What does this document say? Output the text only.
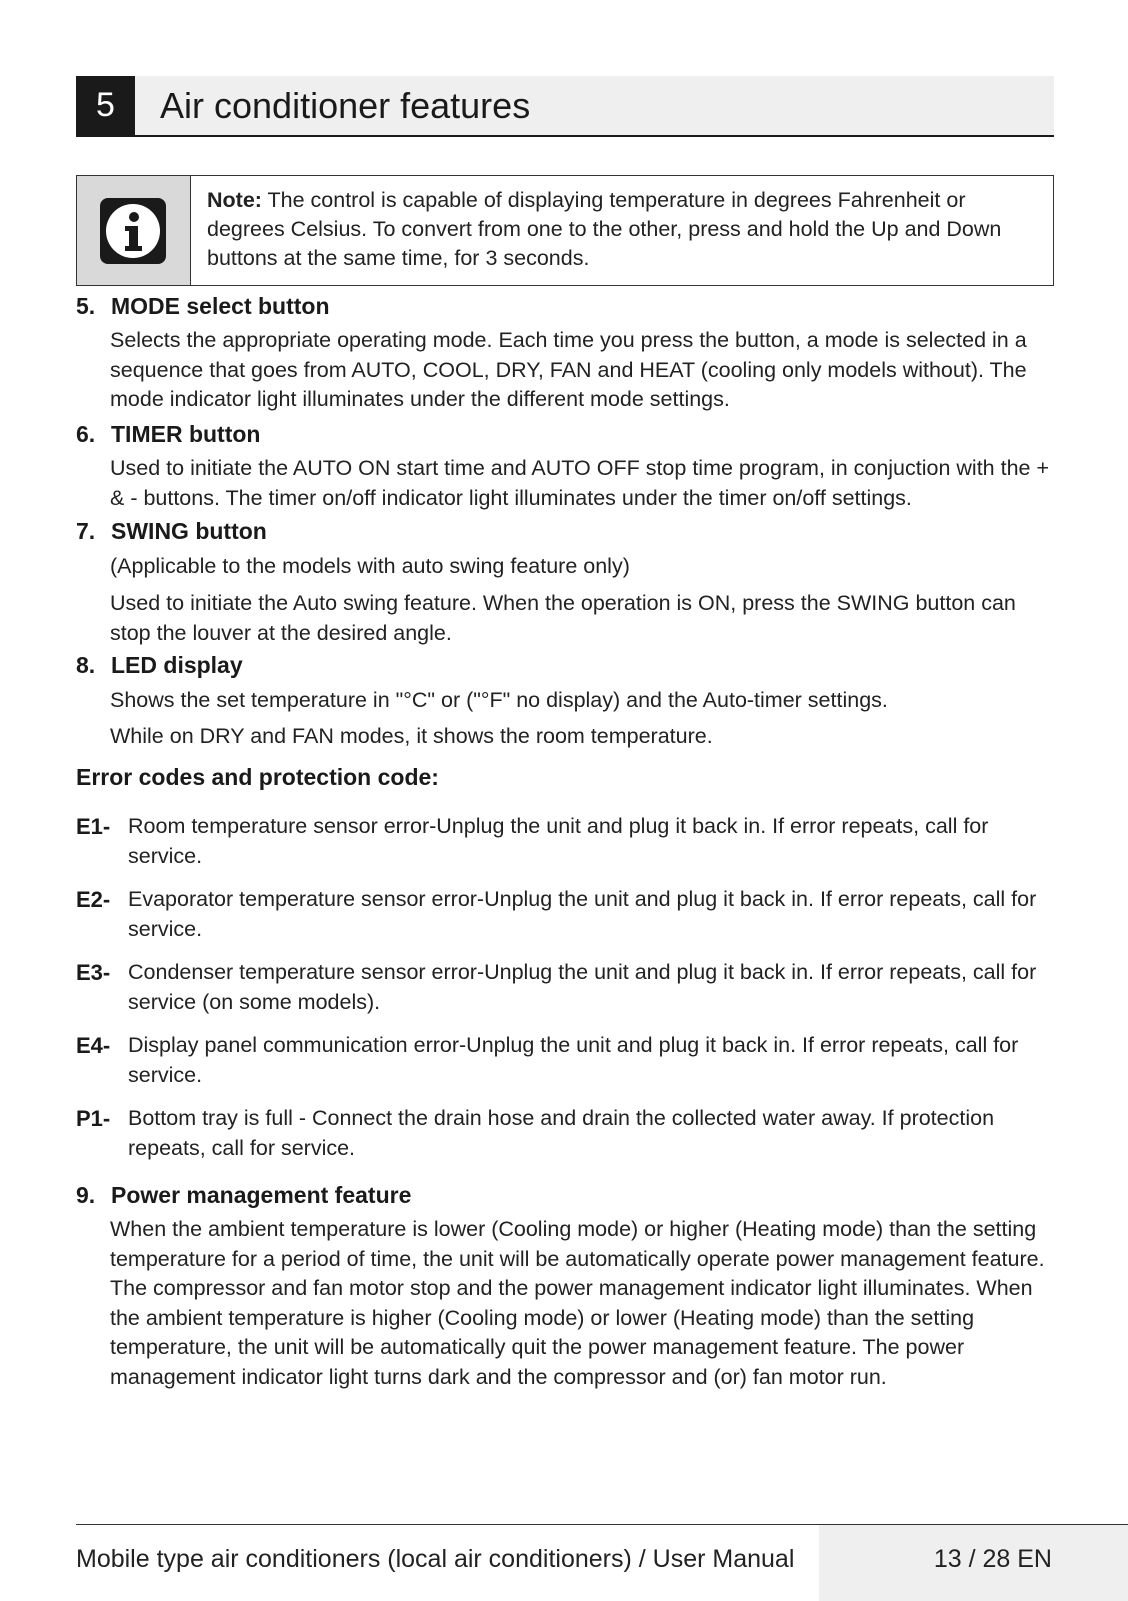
5	Air conditioner features
Note: The control is capable of displaying temperature in degrees Fahrenheit or degrees Celsius. To convert from one to the other, press and hold the Up and Down buttons at the same time, for 3 seconds.
5. MODE select button
Selects the appropriate operating mode. Each time you press the button, a mode is selected in a sequence that goes from AUTO, COOL, DRY, FAN and HEAT (cooling only models without). The mode indicator light illuminates under the different mode settings.
6. TIMER button
Used to initiate the AUTO ON start time and AUTO OFF stop time program, in conjuction with the + & - buttons. The timer on/off indicator light illuminates under the timer on/off settings.
7. SWING button
(Applicable to the models with auto swing feature only)
Used to initiate the Auto swing feature. When the operation is ON, press the SWING button can stop the louver at the desired angle.
8. LED display
Shows the set temperature in "°C" or ("°F" no display) and the Auto-timer settings.
While on DRY and FAN modes, it shows the room temperature.
Error codes and protection code:
E1- Room temperature sensor error-Unplug the unit and plug it back in. If error repeats, call for service.
E2- Evaporator temperature sensor error-Unplug the unit and plug it back in. If error repeats, call for service.
E3- Condenser temperature sensor error-Unplug the unit and plug it back in. If error repeats, call for service (on some models).
E4- Display panel communication error-Unplug the unit and plug it back in. If error repeats, call for service.
P1- Bottom tray is full - Connect the drain hose and drain the collected water away. If protection repeats, call for service.
9. Power management feature
When the ambient temperature is lower (Cooling mode) or higher (Heating mode) than the setting temperature for a period of time, the unit will be automatically operate power management feature. The compressor and fan motor stop and the power management indicator light illuminates. When the ambient temperature is higher (Cooling mode) or lower (Heating mode) than the setting temperature, the unit will be automatically quit the power management feature. The power management indicator light turns dark and the compressor and (or) fan motor run.
Mobile type air conditioners (local air conditioners) / User Manual	13 / 28 EN
